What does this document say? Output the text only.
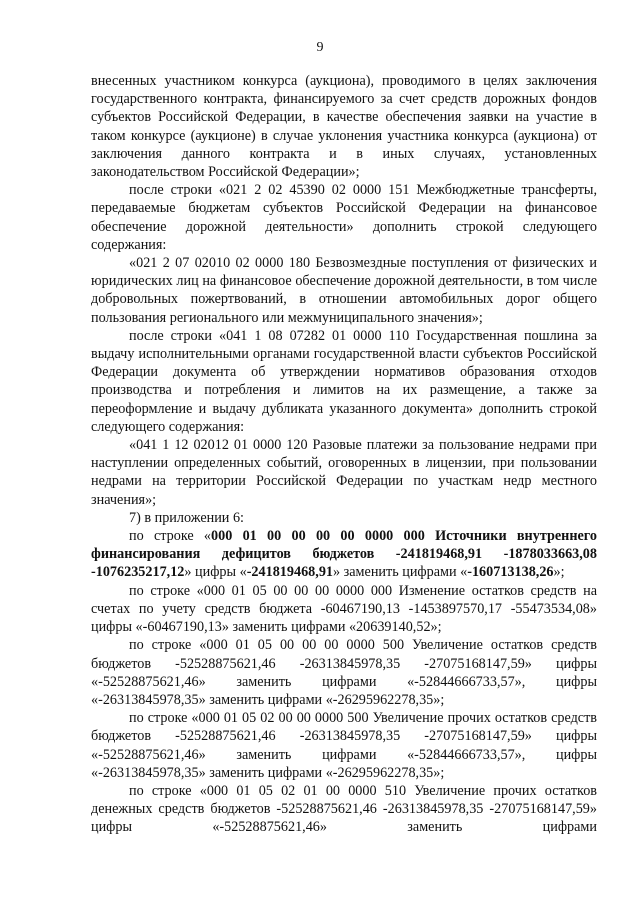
9

внесенных участником конкурса (аукциона), проводимого в целях заключения государственного контракта, финансируемого за счет средств дорожных фондов субъектов Российской Федерации, в качестве обеспечения заявки на участие в таком конкурсе (аукционе) в случае уклонения участника конкурса (аукциона) от заключения данного контракта и в иных случаях, установленных законодательством Российской Федерации»;

после строки «021 2 02 45390 02 0000 151 Межбюджетные трансферты, передаваемые бюджетам субъектов Российской Федерации на финансовое обеспечение дорожной деятельности» дополнить строкой следующего содержания:

«021 2 07 02010 02 0000 180 Безвозмездные поступления от физических и юридических лиц на финансовое обеспечение дорожной деятельности, в том числе добровольных пожертвований, в отношении автомобильных дорог общего пользования регионального или межмуниципального значения»;

после строки «041 1 08 07282 01 0000 110 Государственная пошлина за выдачу исполнительными органами государственной власти субъектов Российской Федерации документа об утверждении нормативов образования отходов производства и потребления и лимитов на их размещение, а также за переоформление и выдачу дубликата указанного документа» дополнить строкой следующего содержания:

«041 1 12 02012 01 0000 120 Разовые платежи за пользование недрами при наступлении определенных событий, оговоренных в лицензии, при пользовании недрами на территории Российской Федерации по участкам недр местного значения»;

7) в приложении 6:

по строке «000 01 00 00 00 00 0000 000 Источники внутреннего финансирования дефицитов бюджетов -241819468,91 -1878033663,08 -1076235217,12» цифры «-241819468,91» заменить цифрами «-160713138,26»;

по строке «000 01 05 00 00 00 0000 000 Изменение остатков средств на счетах по учету средств бюджета -60467190,13 -1453897570,17 -55473534,08» цифры «-60467190,13» заменить цифрами «20639140,52»;

по строке «000 01 05 00 00 00 0000 500 Увеличение остатков средств бюджетов -52528875621,46 -26313845978,35 -27075168147,59» цифры «-52528875621,46» заменить цифрами «-52844666733,57», цифры «-26313845978,35» заменить цифрами «-26295962278,35»;

по строке «000 01 05 02 00 00 0000 500 Увеличение прочих остатков средств бюджетов -52528875621,46 -26313845978,35 -27075168147,59» цифры «-52528875621,46» заменить цифрами «-52844666733,57», цифры «-26313845978,35» заменить цифрами «-26295962278,35»;

по строке «000 01 05 02 01 00 0000 510 Увеличение прочих остатков денежных средств бюджетов -52528875621,46 -26313845978,35 -27075168147,59» цифры «-52528875621,46» заменить цифрами
